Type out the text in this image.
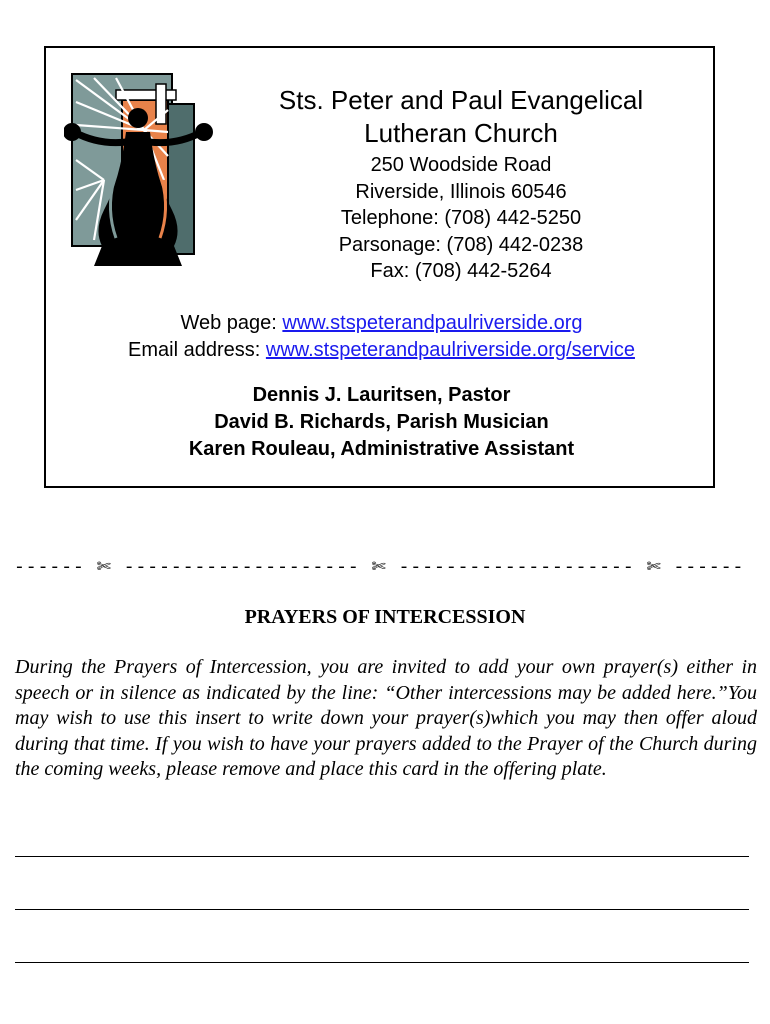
Sts. Peter and Paul Evangelical
Lutheran Church
250 Woodside Road
Riverside, Illinois 60546
Telephone: (708) 442-5250
Parsonage: (708) 442-0238
Fax: (708) 442-5264
Web page: www.stspeterandpaulriverside.org
Email address: www.stspeterandpaulriverside.org/service
Dennis J. Lauritsen, Pastor
David B. Richards, Parish Musician
Karen Rouleau, Administrative Assistant
------ ✄ -------------------- ✄ -------------------- ✄ ------
PRAYERS OF INTERCESSION

During the Prayers of Intercession, you are invited to add your own prayer(s) either in speech or in silence as indicated by the line: “Other intercessions may be added here.”You may wish to use this insert to write down your prayer(s)which you may then offer aloud during that time. If you wish to have your prayers added to the Prayer of the Church during the coming weeks, please remove and place this card in the offering plate.
